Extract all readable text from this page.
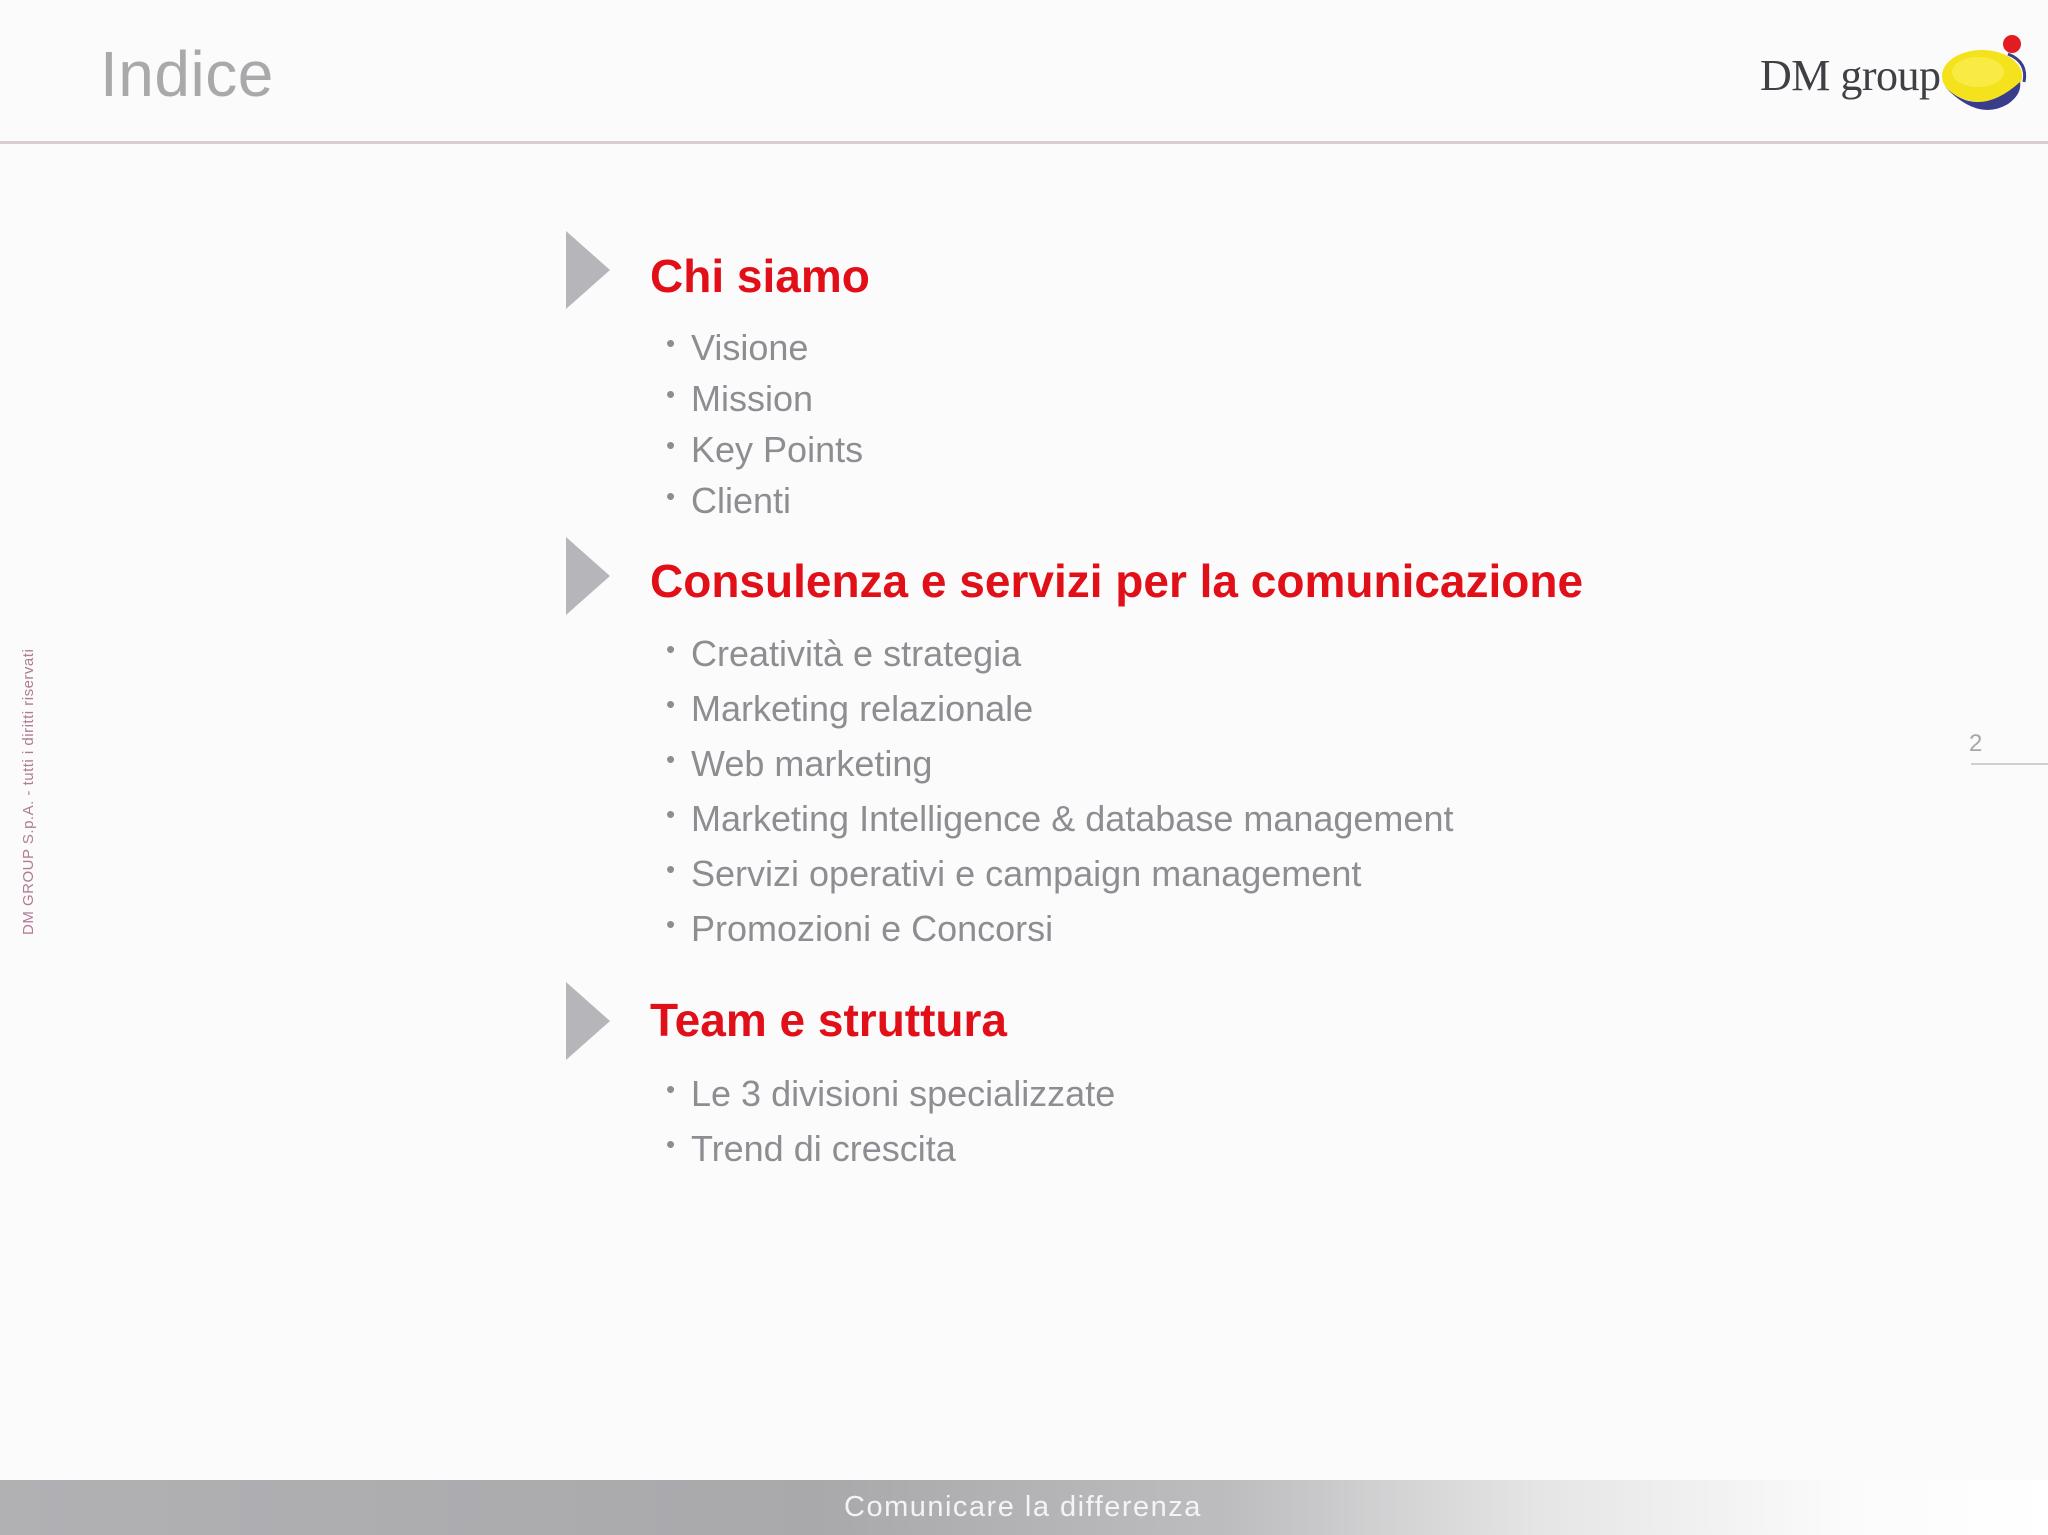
Indice	DM group
DM GROUP S.p.A. - tutti i diritti riservati	2
Chi siamo
• Visione
• Mission
• Key Points
• Clienti
Consulenza e servizi per la comunicazione
• Creatività e strategia
• Marketing relazionale
• Web marketing
• Marketing Intelligence & database management
• Servizi operativi e campaign management
• Promozioni e Concorsi
Team e struttura
• Le 3 divisioni specializzate
• Trend di crescita
Comunicare la differenza
